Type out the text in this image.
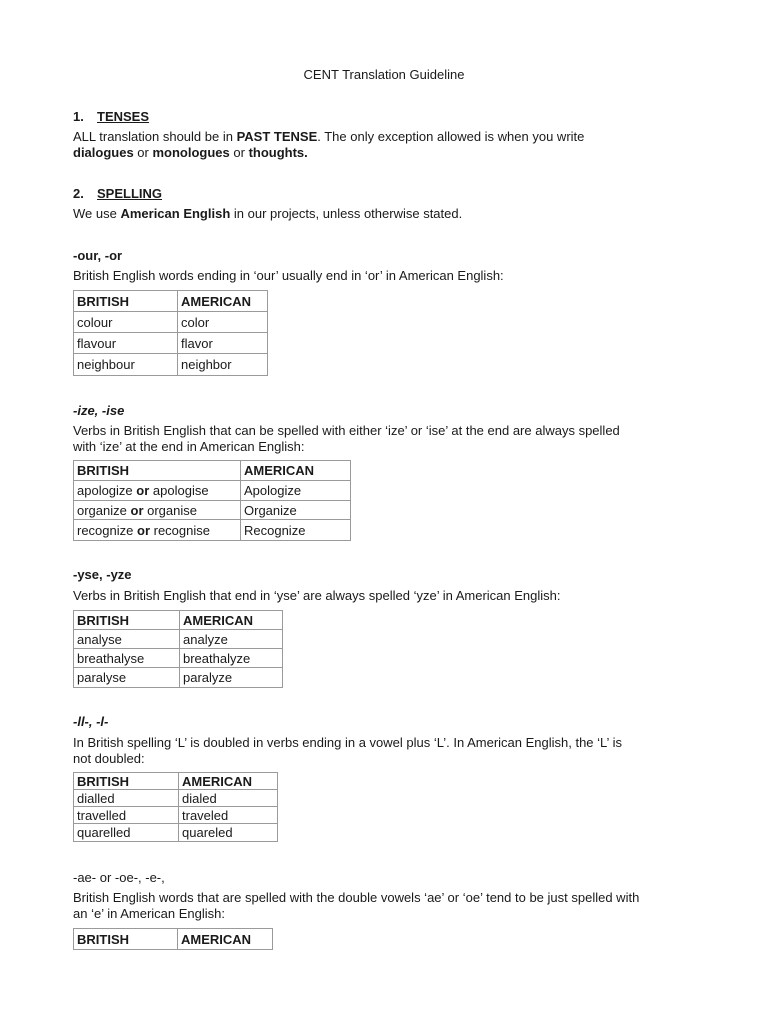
CENT Translation Guideline
1. TENSES
ALL translation should be in PAST TENSE. The only exception allowed is when you write
dialogues or monologues or thoughts.
2. SPELLING
We use American English in our projects, unless otherwise stated.
-our, -or
British English words ending in ‘our’ usually end in ‘or’ in American English:
BRITISH	AMERICAN
colour	color
flavour	flavor
neighbour	neighbor
-ize, -ise
Verbs in British English that can be spelled with either ‘ize’ or ‘ise’ at the end are always spelled
with ‘ize’ at the end in American English:
BRITISH	AMERICAN
apologize or apologise	Apologize
organize or organise	Organize
recognize or recognise	Recognize
-yse, -yze
Verbs in British English that end in ‘yse’ are always spelled ‘yze’ in American English:
BRITISH	AMERICAN
analyse	analyze
breathalyse	breathalyze
paralyse	paralyze
-ll-, -l-
In British spelling ‘L’ is doubled in verbs ending in a vowel plus ‘L’. In American English, the ‘L’ is
not doubled:
BRITISH	AMERICAN
dialled	dialed
travelled	traveled
quarelled	quareled
-ae- or -oe-, -e-,
British English words that are spelled with the double vowels ‘ae’ or ‘oe’ tend to be just spelled with
an ‘e’ in American English:
BRITISH	AMERICAN
